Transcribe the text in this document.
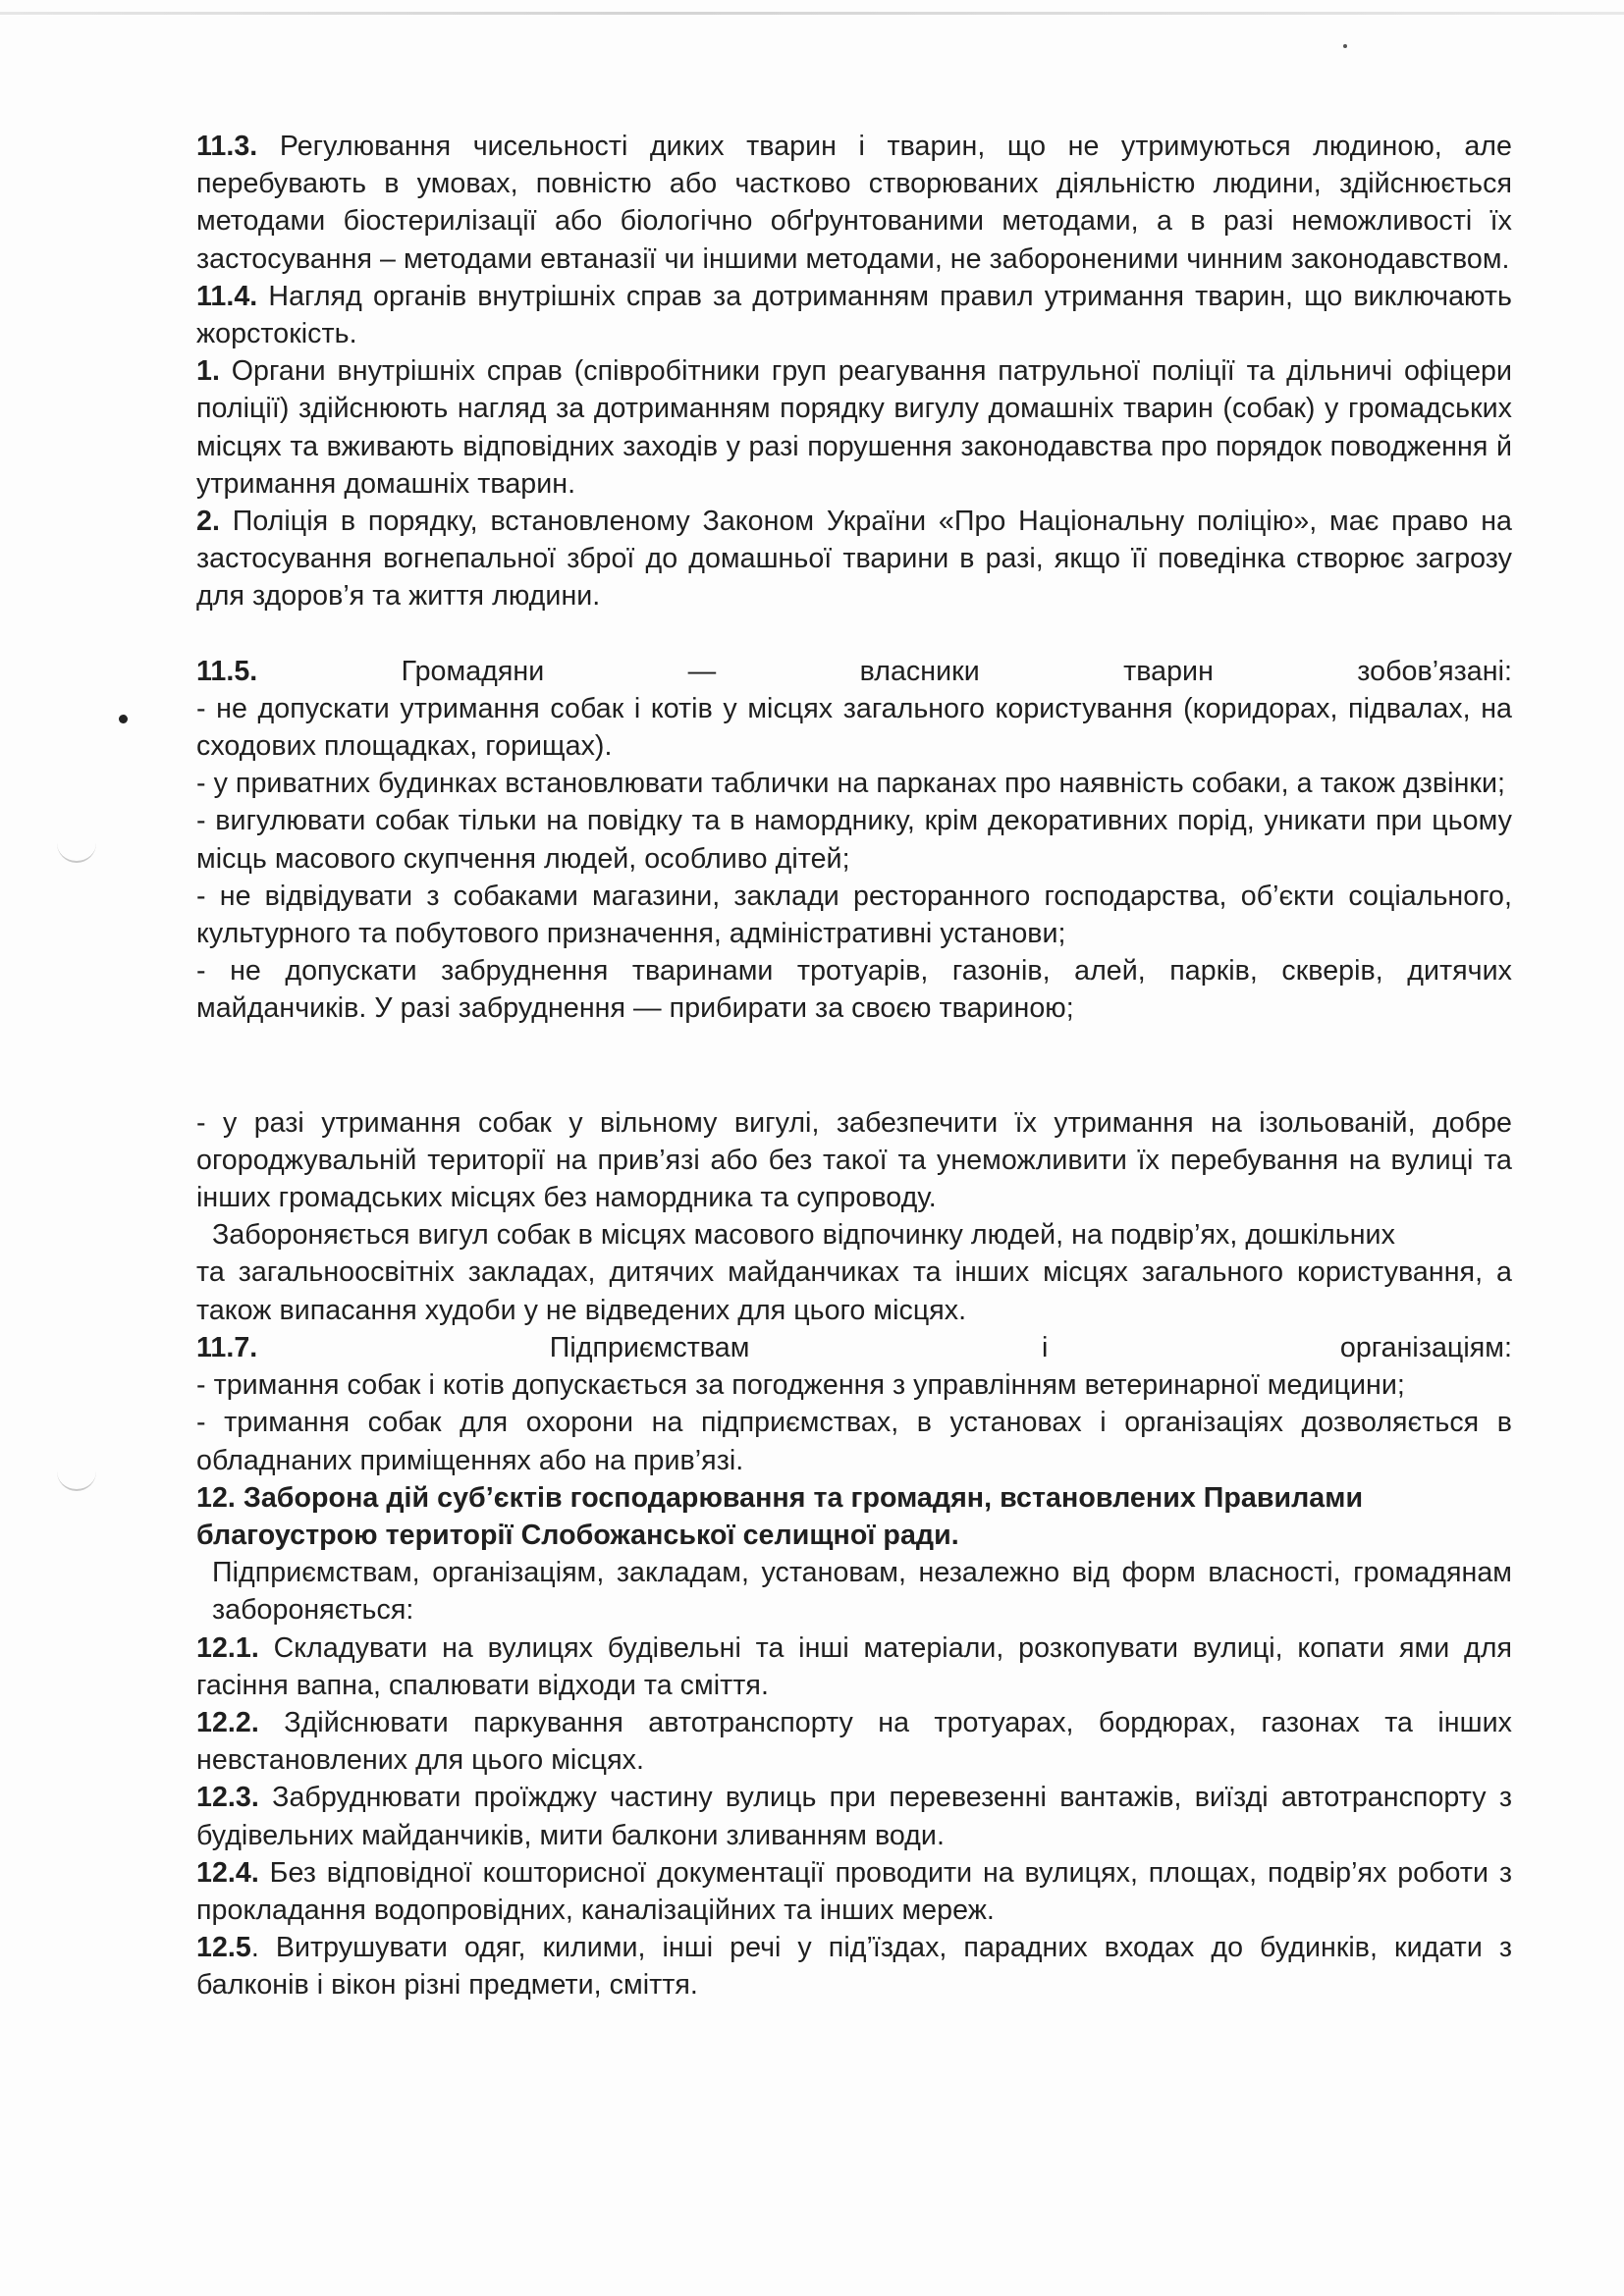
11.3. Регулювання чисельності диких тварин і тварин, що не утримуються людиною, але перебувають в умовах, повністю або частково створюваних діяльністю людини, здійснюється методами біостерилізації або біологічно обґрунтованими методами, а в разі неможливості їх застосування – методами евтаназії чи іншими методами, не забороненими чинним законодавством.

11.4. Нагляд органів внутрішніх справ за дотриманням правил утримання тварин, що виключають жорстокість.

1. Органи внутрішніх справ (співробітники груп реагування патрульної поліції та дільничі офіцери поліції) здійснюють нагляд за дотриманням порядку вигулу домашніх тварин (собак) у громадських місцях та вживають відповідних заходів у разі порушення законодавства про порядок поводження й утримання домашніх тварин.

2. Поліція в порядку, встановленому Законом України «Про Національну поліцію», має право на застосування вогнепальної зброї до домашньої тварини в разі, якщо її поведінка створює загрозу для здоров’я та життя людини.

11.5. Громадяни — власники тварин зобов’язані:

- не допускати утримання собак і котів у місцях загального користування (коридорах, підвалах, на сходових площадках, горищах).

- у приватних будинках встановлювати таблички на парканах про наявність собаки, а також дзвінки;

- вигулювати собак тільки на повідку та в наморднику, крім декоративних порід, уникати при цьому місць масового скупчення людей, особливо дітей;

- не відвідувати з собаками магазини, заклади ресторанного господарства, об’єкти соціального, культурного та побутового призначення, адміністративні установи;

- не допускати забруднення тваринами тротуарів, газонів, алей, парків, скверів, дитячих майданчиків. У разі забруднення — прибирати за своєю твариною;

- у разі утримання собак у вільному вигулі, забезпечити їх утримання на ізольованій, добре огороджувальній території на прив’язі або без такої та унеможливити їх перебування на вулиці та інших громадських місцях без намордника та супроводу.

Забороняється вигул собак в місцях масового відпочинку людей, на подвір’ях, дошкільних

та загальноосвітніх закладах, дитячих майданчиках та інших місцях загального користування, а також випасання худоби у не відведених для цього місцях.

11.7. Підприємствам і організаціям:

- тримання собак і котів допускається за погодження з управлінням ветеринарної медицини;

- тримання собак для охорони на підприємствах, в установах і організаціях дозволяється в обладнаних приміщеннях або на прив’язі.

12. Заборона дій суб’єктів господарювання та громадян, встановлених Правилами благоустрою території Слобожанської селищної ради.

Підприємствам, організаціям, закладам, установам, незалежно від форм власності, громадянам забороняється:

12.1. Складувати на вулицях будівельні та інші матеріали, розкопувати вулиці, копати ями для гасіння вапна, спалювати відходи та сміття.

12.2. Здійснювати паркування автотранспорту на тротуарах, бордюрах, газонах та інших невстановлених для цього місцях.

12.3. Забруднювати проїжджу частину вулиць при перевезенні вантажів, виїзді автотранспорту з будівельних майданчиків, мити балкони зливанням води.

12.4. Без відповідної кошторисної документації проводити на вулицях, площах, подвір’ях роботи з прокладання водопровідних, каналізаційних та інших мереж.

12.5. Витрушувати одяг, килими, інші речі у під’їздах, парадних входах до будинків, кидати з балконів і вікон різні предмети, сміття.
